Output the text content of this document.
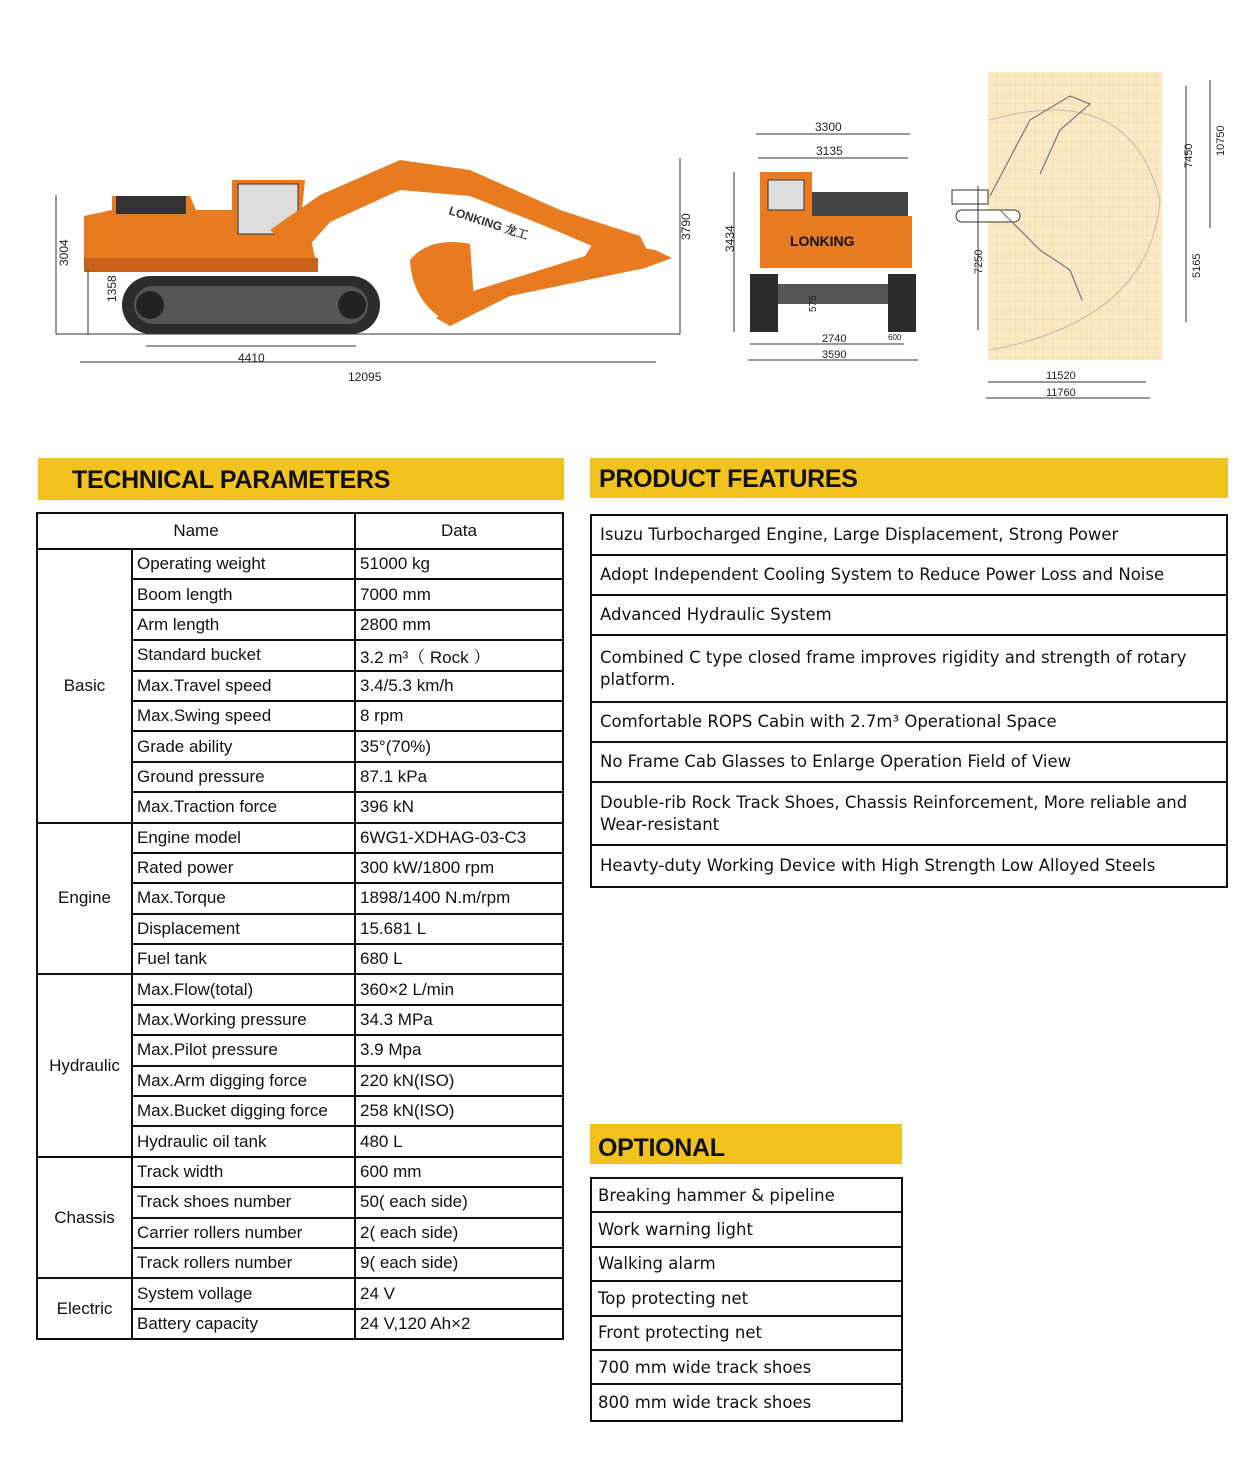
LONKING 龙工
3004
1358
4410
12095
3790
3300
3135
LONKING
3434
575
2740	600
3590
7450 10750
7250	5165
11520
11760
TECHNICAL PARAMETERS	PRODUCT FEATURES
OPTIONAL
Name		Data
Basic	Operating weight	51000 kg
	Boom length	7000 mm
	Arm length	2800 mm
	Standard bucket	3.2 m³（ Rock ）
	Max.Travel speed	3.4/5.3 km/h
	Max.Swing speed	8 rpm
	Grade ability	35°(70%)
	Ground pressure	87.1 kPa
	Max.Traction force	396 kN
Engine	Engine model	6WG1-XDHAG-03-C3
	Rated power	300 kW/1800 rpm
	Max.Torque	1898/1400 N.m/rpm
	Displacement	15.681 L
	Fuel tank	680 L
Hydraulic	Max.Flow(total)	360×2 L/min
	Max.Working pressure	34.3 MPa
	Max.Pilot pressure	3.9 Mpa
	Max.Arm digging force	220 kN(ISO)
	Max.Bucket digging force	258 kN(ISO)
	Hydraulic oil tank	480 L
Chassis	Track width	600 mm
	Track shoes number	50( each side)
	Carrier rollers number	2( each side)
	Track rollers number	9( each side)
Electric	System vollage	24 V
	Battery capacity	24 V,120 Ah×2
Isuzu Turbocharged Engine, Large Displacement, Strong Power
Adopt Independent Cooling System to Reduce Power Loss and Noise
Advanced Hydraulic System
Combined C type closed frame improves rigidity and strength of rotary platform.
Comfortable ROPS Cabin with 2.7m³ Operational Space
No Frame Cab Glasses to Enlarge Operation Field of View
Double-rib Rock Track Shoes, Chassis Reinforcement, More reliable and Wear-resistant
Heavty-duty Working Device with High Strength Low Alloyed Steels
Breaking hammer & pipeline
Work warning light
Walking alarm
Top protecting net
Front protecting net
700 mm wide track shoes
800 mm wide track shoes
